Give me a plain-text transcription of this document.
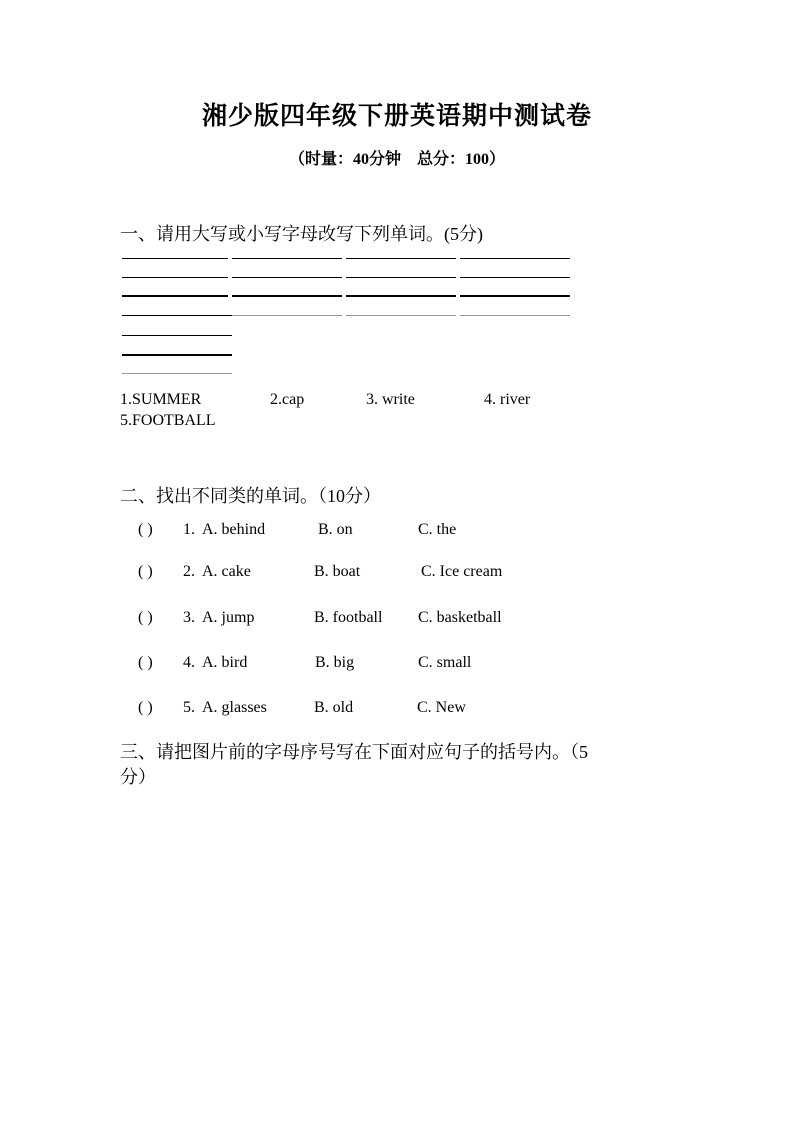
湘少版四年级下册英语期中测试卷
（时量：40分钟　总分：100）
一、请用大写或小写字母改写下列单词。(5分)
1.SUMMER	2.cap	3. write	4. river
5.FOOTBALL
二、找出不同类的单词。（10分）
( ) 1. A. behind	B. on	C. the
( ) 2. A. cake	B. boat	C. Ice cream
( ) 3. A. jump	B. football C. basketball
( ) 4. A. bird	B. big	C. small
( ) 5. A. glasses	B. old	C. New
三、请把图片前的字母序号写在下面对应句子的括号内。（5
分）
